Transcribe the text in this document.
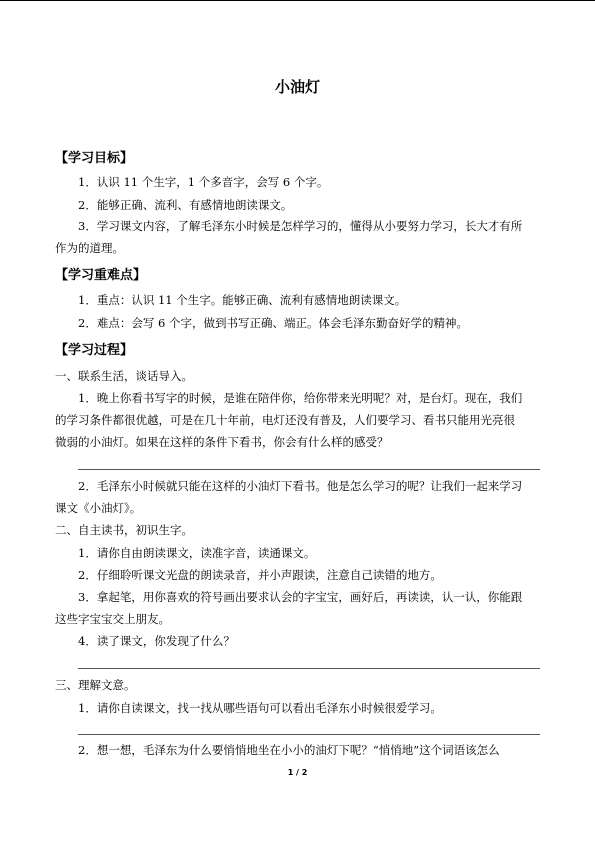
小油灯
【学习目标】
1．认识 11 个生字，1 个多音字，会写 6 个字。
2．能够正确、流利、有感情地朗读课文。
3．学习课文内容，了解毛泽东小时候是怎样学习的，懂得从小要努力学习，长大才有所
作为的道理。
【学习重难点】
1．重点：认识 11 个生字。能够正确、流利有感情地朗读课文。
2．难点：会写 6 个字，做到书写正确、端正。体会毛泽东勤奋好学的精神。
【学习过程】
一、联系生活，谈话导入。
1．晚上你看书写字的时候，是谁在陪伴你，给你带来光明呢？对，是台灯。现在，我们
的学习条件都很优越，可是在几十年前，电灯还没有普及，人们要学习、看书只能用光亮很
微弱的小油灯。如果在这样的条件下看书，你会有什么样的感受？
2．毛泽东小时候就只能在这样的小油灯下看书。他是怎么学习的呢？让我们一起来学习
课文《小油灯》。
二、自主读书，初识生字。
1．请你自由朗读课文，读准字音，读通课文。
2．仔细聆听课文光盘的朗读录音，并小声跟读，注意自己读错的地方。
3．拿起笔，用你喜欢的符号画出要求认会的字宝宝，画好后，再读读，认一认，你能跟
这些字宝宝交上朋友。
4．读了课文，你发现了什么？
三、理解文意。
1．请你自读课文，找一找从哪些语句可以看出毛泽东小时候很爱学习。
2．想一想，毛泽东为什么要悄悄地坐在小小的油灯下呢？“悄悄地”这个词语该怎么
1 / 2
